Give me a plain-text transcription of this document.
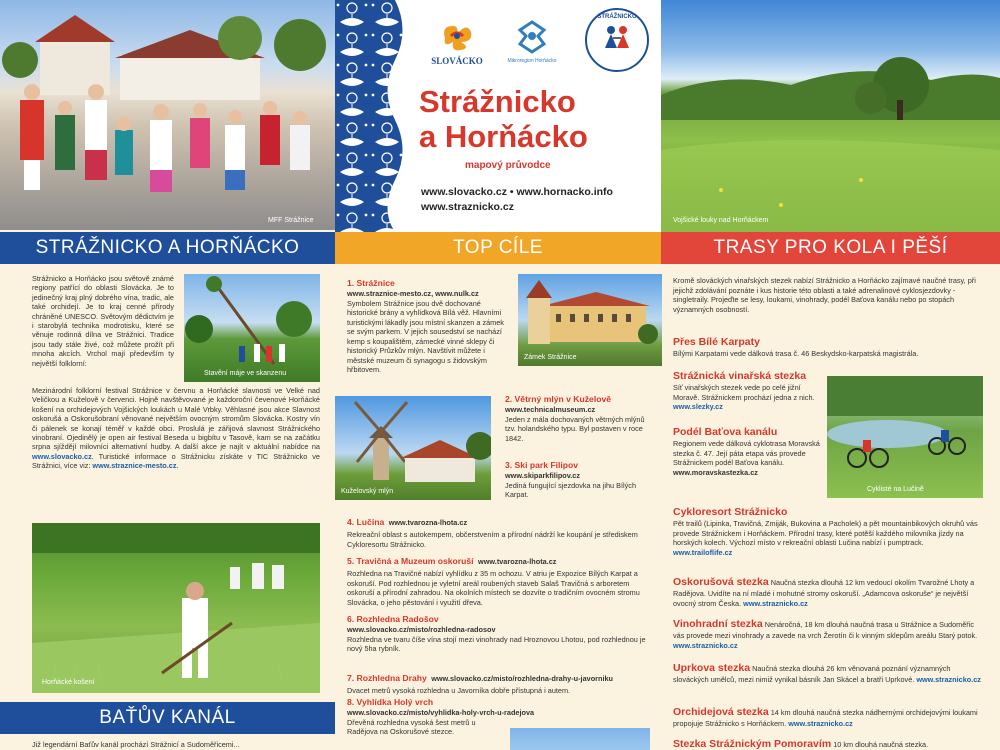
MFF Strážnice
SLOVÁCKO	Mikroregion Horňácko
STRÁŽNICKO
Strážnicko
a Horňácko
mapový průvodce
www.slovacko.cz • www.hornacko.info
www.straznicko.cz
Vojšické louky nad Horňáckem
STRÁŽNICKO A HORŇÁCKO	TOP CÍLE	TRASY PRO KOLA I PĚŠÍ
Strážnicko a Horňácko jsou světově známé regiony patřící do oblasti Slovácka. Je to jedinečný kraj plný dobrého vína, tradic, ale také orchidejí. Je to kraj cenné přírody chráněné UNESCO. Světovým dědictvím je i starobylá technika modrotisku, které se věnuje rodinná dílna ve Strážnici. Tradice jsou tady stále živé, což můžete prožít při mnoha akcích. Vrchol mají především ty největší folklorní:
Stavění máje ve skanzenu
Mezinárodní folklorní festival Strážnice v červnu a Horňácké slavnosti ve Velké nad Veličkou a Kuželově v červenci. Hojně navštěvované je každoroční čevenové Horňácké košení na orchidejových Vojšických loukách u Malé Vrbky. Věhlasné jsou akce Slavnost oskorušá a Oskorušobraní věnované největším ovocným stromům Slovácka. Kostry vín či pálenek se konají téměř v každé obci. Proslulá je zářijová slavnost Strážnického vinobraní. Ojedinělý je open air festival Beseda u bigbítu v Tasově, kam se na začátku srpna sjíždějí milovníci alternativní hudby. A další akce je najít v aktuální nabídce na www.slovacko.cz. Turistické informace o Strážnicku získáte v TIC Strážnicko ve Strážnici, více viz: www.straznice-mesto.cz.
Horňácké košení
BAŤŮV KANÁL
Již legendární Baťův kanál prochází Strážnicí a Sudoměřicemi...
1. Strážnice
www.straznice-mesto.cz, www.nulk.cz
Symbolem Strážnice jsou dvě dochované historické brány a vyhlídková Bílá věž. Hlavními turistickými lákadly jsou místní skanzen a zámek se svým parkem. V jejich sousedství se nachází kemp s koupalištěm, zámecké vinné sklepy či historický Průzkův mlýn. Navštívit můžete i městské muzeum či synagogu s židovským hřbitovem.
Zámek Strážnice
Kuželovský mlýn
2. Větrný mlýn v Kuželově
www.technicalmuseum.cz
Jeden z mála dochovaných větrných mlýnů tzv. holandského typu. Byl postaven v roce 1842.
3. Ski park Filipov
www.skiparkfilipov.cz
Jediná fungující sjezdovka na jihu Bílých Karpat.
4. Lučina www.tvarozna-lhota.cz
Rekreační oblast s autokempem, občerstvením a přírodní nádrží ke koupání je střediskem Cykloresortu Strážnicko.
5. Travičná a Muzeum oskoruší www.tvarozna-lhota.cz
Rozhledna na Travičné nabízí vyhlídku z 35 m ochozu. V atriu je Expozice Bílých Karpat a oskoruší. Pod rozhlednou je vyletní areál roubených staveb Salaš Travičná s arboretem oskoruší a přírodní zahradou. Na okolních místech se dozvíte o tradičním ovocném stromu Slovácka, o jeho pěstování i využití dřeva.
6. Rozhledna Radošov
www.slovacko.cz/misto/rozhledna-radosov
Rozhledna ve tvaru číše vína stojí mezi vinohrady nad Hroznovou Lhotou, pod rozhlednou je nový 5ha rybník.
7. Rozhledna Drahy www.slovacko.cz/misto/rozhledna-drahy-u-javorniku
Dvacet metrů vysoká rozhledna u Javorníka dobře přístupná i autem.
8. Vyhlídka Holý vrch
www.slovacko.cz/misto/vyhlidka-holy-vrch-u-radejova
Dřevěná rozhledna vysoká šest metrů u Radějova na Oskorušové stezce.
Kromě slováckých vinařských stezek nabízí Strážnicko a Horňácko zajímavé naučné trasy, při jejichž zdolávání poznáte i kus historie této oblasti a také adrenalinové cyklosjezdovky - singletraily. Projeďte se lesy, loukami, vinohrady, podél Baťova kanálu nebo po stopách významných osobností.
Přes Bílé Karpaty
Bílými Karpatami vede dálková trasa č. 46 Beskydsko-karpatská magistrála.
Strážnická vinařská stezka
Síť vinařských stezek vede po celé jižní Moravě. Strážnickem prochází jedna z nich. www.slezky.cz
Cyklisté na Lučině
Podél Baťova kanálu
Regionem vede dálková cyklotrasa Moravská stezka č. 47. Její páta etapa vás provede Strážnickem podél Baťova kanálu.
www.moravskastezka.cz
Cykloresort Strážnicko
Pět trailů (Lipinka, Travičná, Zmiják, Bukovina a Pacholek) a pět mountainbikových okruhů vás provede Strážnickem i Horňáckem. Přírodní trasy, které potěší každého milovníka jízdy na horských kolech. Výchozí místo v rekreační oblasti Lučina nabízí i pumptrack. www.trailoflife.cz
Oskorušová stezka Naučná stezka dlouhá 12 km vedoucí okolím Tvarožné Lhoty a Radějova. Uvidíte na ní mladé i mohutné stromy oskoruší. „Adamcova oskoruše“ je největší ovocný strom Česka. www.straznicko.cz
Vinohradní stezka Nenáročná, 18 km dlouhá naučná trasa u Strážnice a Sudoměřic vás provede mezi vinohrady a zavede na vrch Žerotín či k vinným sklepům areálu Starý potok. www.straznicko.cz
Uprkova stezka Naučná stezka dlouhá 26 km věnovaná poznání významných slováckých umělců, mezi nimiž vynikal básník Jan Skácel a bratři Uprkové. www.straznicko.cz
Orchidejová stezka 14 km dlouhá naučná stezka nádhernými orchidejovými loukami propojuje Strážnicko s Horňáckem. www.straznicko.cz
Stezka Strážnickým Pomoravím 10 km dlouhá naučná stezka.
